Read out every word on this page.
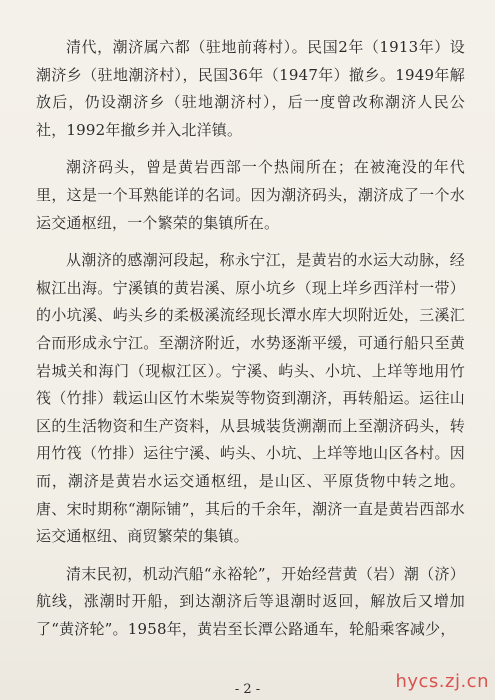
清代，潮济属六都（驻地前蒋村）。民国2年（1913年）设潮济乡（驻地潮济村），民国36年（1947年）撤乡。1949年解放后，仍设潮济乡（驻地潮济村），后一度曾改称潮济人民公社，1992年撤乡并入北洋镇。

潮济码头，曾是黄岩西部一个热闹所在；在被淹没的年代里，这是一个耳熟能详的名词。因为潮济码头，潮济成了一个水运交通枢纽，一个繁荣的集镇所在。

从潮济的感潮河段起，称永宁江，是黄岩的水运大动脉，经椒江出海。宁溪镇的黄岩溪、原小坑乡（现上垟乡西洋村一带）的小坑溪、屿头乡的柔极溪流经现长潭水库大坝附近处，三溪汇合而形成永宁江。至潮济附近，水势逐渐平缓，可通行船只至黄岩城关和海门（现椒江区）。宁溪、屿头、小坑、上垟等地用竹筏（竹排）载运山区竹木柴炭等物资到潮济，再转船运。运往山区的生活物资和生产资料，从县城装货溯潮而上至潮济码头，转用竹筏（竹排）运往宁溪、屿头、小坑、上垟等地山区各村。因而，潮济是黄岩水运交通枢纽，是山区、平原货物中转之地。唐、宋时期称“潮际铺”，其后的千余年，潮济一直是黄岩西部水运交通枢纽、商贸繁荣的集镇。

清末民初，机动汽船“永裕轮”，开始经营黄（岩）潮（济）航线，涨潮时开船，到达潮济后等退潮时返回，解放后又增加了“黄济轮”。1958年，黄岩至长潭公路通车，轮船乘客减少，

- 2 -	hycs.zj.cn
